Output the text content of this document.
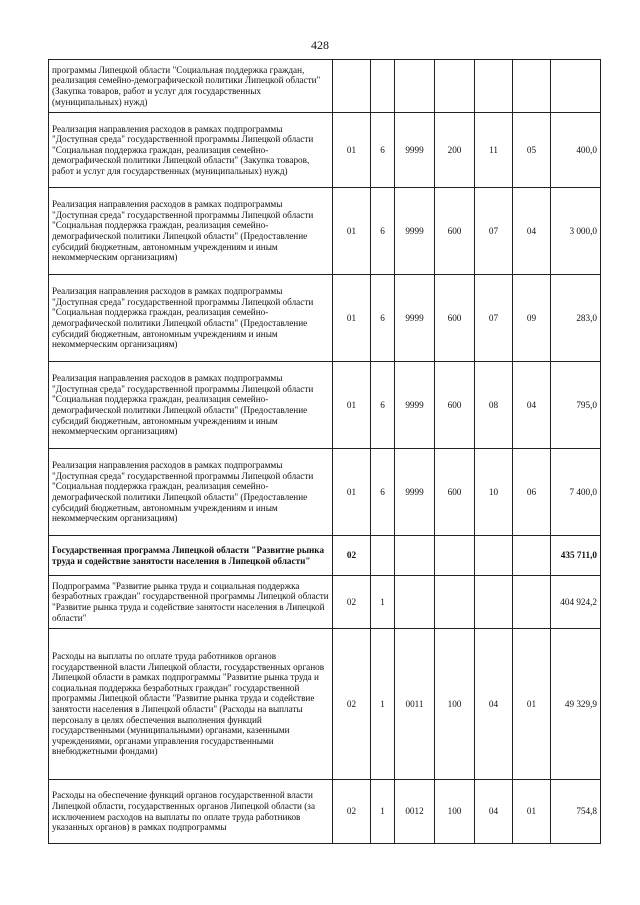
428
программы Липецкой области "Социальная поддержка граждан, реализация семейно-демографической политики Липецкой области" (Закупка товаров, работ и услуг для государственных (муниципальных) нужд)							
Реализация направления расходов в рамках подпрограммы "Доступная среда" государственной программы Липецкой области "Социальная поддержка граждан, реализация семейно-демографической политики Липецкой области" (Закупка товаров, работ и услуг для государственных (муниципальных) нужд)	01	6	9999	200	11	05	400,0
Реализация направления расходов в рамках подпрограммы "Доступная среда" государственной программы Липецкой области "Социальная поддержка граждан, реализация семейно-демографической политики Липецкой области" (Предоставление субсидий бюджетным, автономным учреждениям и иным некоммерческим организациям)	01	6	9999	600	07	04	3 000,0
Реализация направления расходов в рамках подпрограммы "Доступная среда" государственной программы Липецкой области "Социальная поддержка граждан, реализация семейно-демографической политики Липецкой области" (Предоставление субсидий бюджетным, автономным учреждениям и иным некоммерческим организациям)	01	6	9999	600	07	09	283,0
Реализация направления расходов в рамках подпрограммы "Доступная среда" государственной программы Липецкой области "Социальная поддержка граждан, реализация семейно-демографической политики Липецкой области" (Предоставление субсидий бюджетным, автономным учреждениям и иным некоммерческим организациям)	01	6	9999	600	08	04	795,0
Реализация направления расходов в рамках подпрограммы "Доступная среда" государственной программы Липецкой области "Социальная поддержка граждан, реализация семейно-демографической политики Липецкой области" (Предоставление субсидий бюджетным, автономным учреждениям и иным некоммерческим организациям)	01	6	9999	600	10	06	7 400,0
Государственная программа Липецкой области "Развитие рынка труда и содействие занятости населения в Липецкой области"	02						435 711,0
Подпрограмма "Развитие рынка труда и социальная поддержка безработных граждан" государственной программы Липецкой области "Развитие рынка труда и содействие занятости населения в Липецкой области"	02	1					404 924,2
Расходы на выплаты по оплате труда работников органов государственной власти Липецкой области, государственных органов Липецкой области в рамках подпрограммы "Развитие рынка труда и социальная поддержка безработных граждан" государственной программы Липецкой области "Развитие рынка труда и содействие занятости населения в Липецкой области" (Расходы на выплаты персоналу в целях обеспечения выполнения функций государственными (муниципальными) органами, казенными учреждениями, органами управления государственными внебюджетными фондами)	02	1	0011	100	04	01	49 329,9
Расходы на обеспечение функций органов государственной власти Липецкой области, государственных органов Липецкой области (за исключением расходов на выплаты по оплате труда работников указанных органов) в рамках подпрограммы	02	1	0012	100	04	01	754,8
